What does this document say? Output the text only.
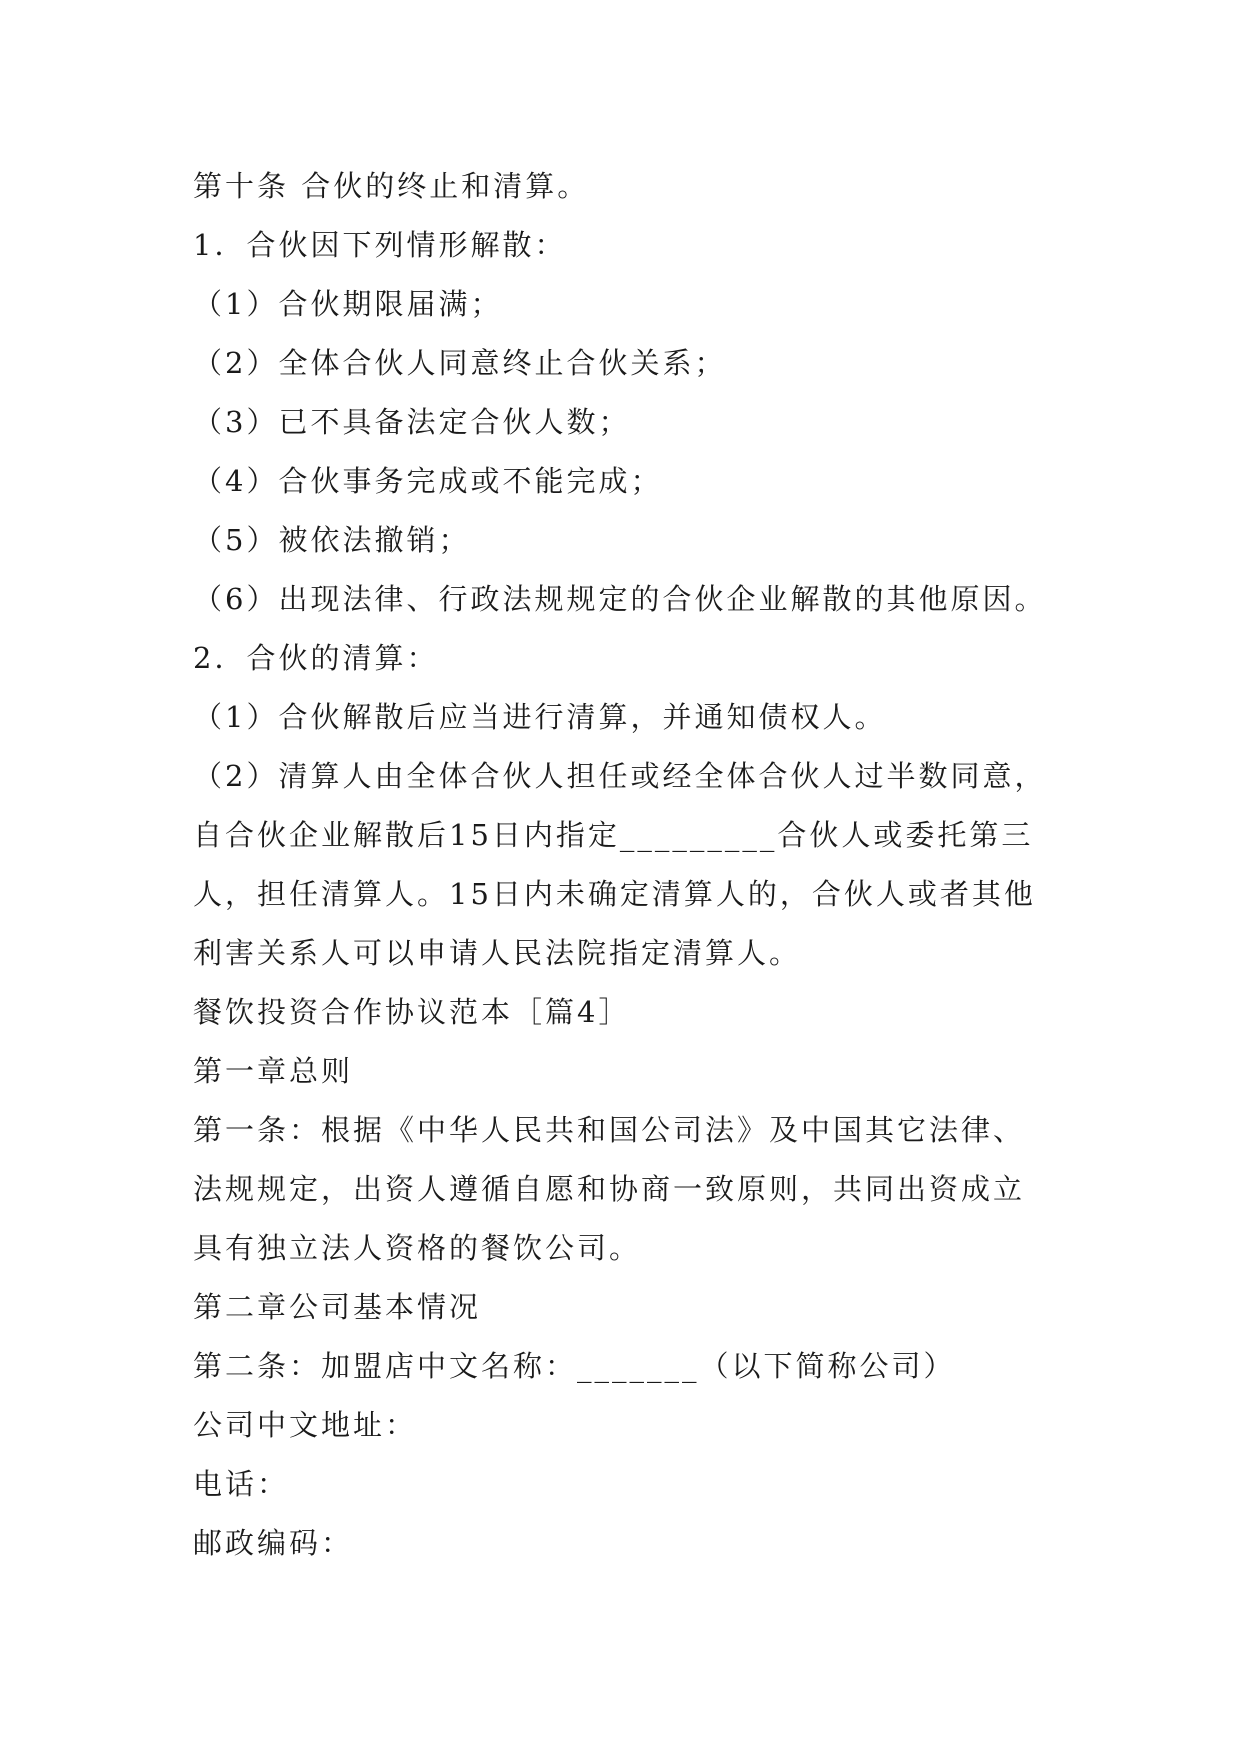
第十条 合伙的终止和清算。
1．合伙因下列情形解散：
（1）合伙期限届满；
（2）全体合伙人同意终止合伙关系；
（3）已不具备法定合伙人数；
（4）合伙事务完成或不能完成；
（5）被依法撤销；
（6）出现法律、行政法规规定的合伙企业解散的其他原因。
2．合伙的清算：
（1）合伙解散后应当进行清算，并通知债权人。
（2）清算人由全体合伙人担任或经全体合伙人过半数同意，
自合伙企业解散后15日内指定_________合伙人或委托第三
人，担任清算人。15日内未确定清算人的，合伙人或者其他
利害关系人可以申请人民法院指定清算人。
餐饮投资合作协议范本［篇4］
第一章总则
第一条：根据《中华人民共和国公司法》及中国其它法律、
法规规定，出资人遵循自愿和协商一致原则，共同出资成立
具有独立法人资格的餐饮公司。
第二章公司基本情况
第二条：加盟店中文名称：_______（以下简称公司）
公司中文地址：
电话：
邮政编码：
